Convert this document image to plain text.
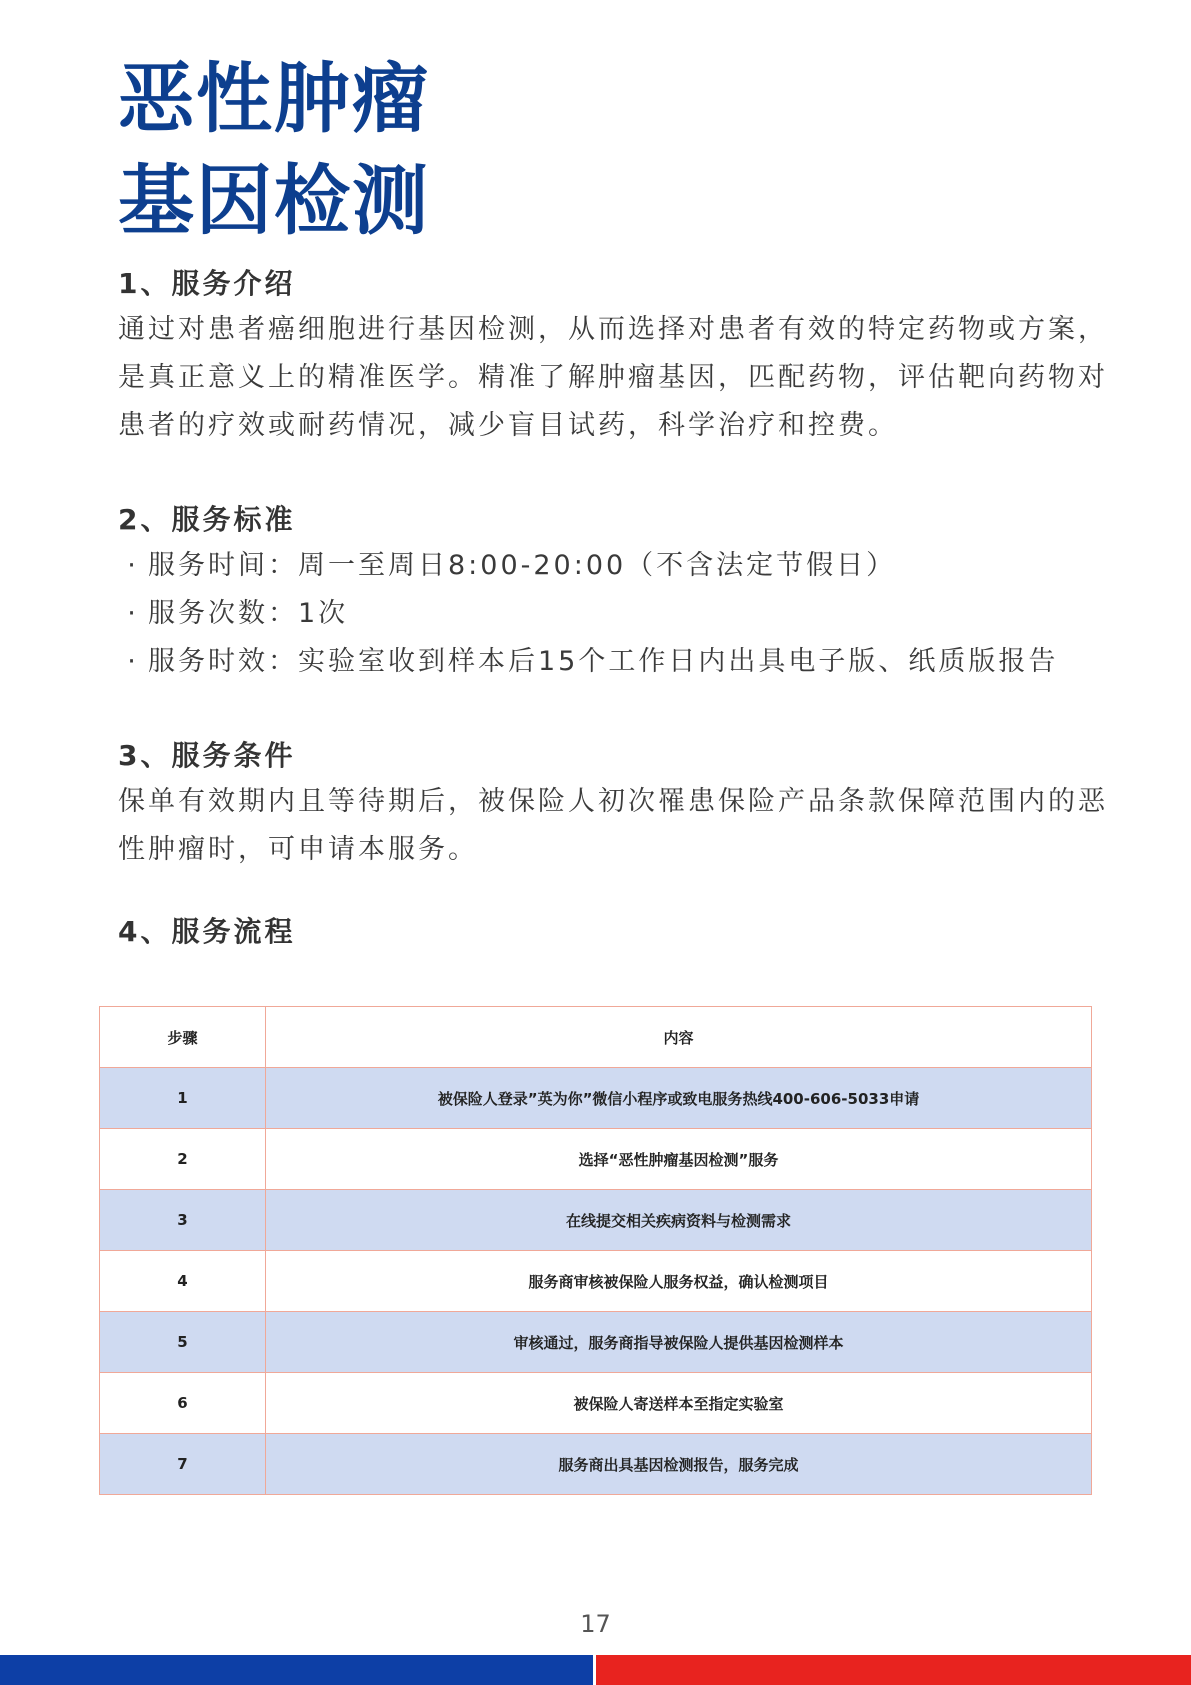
恶性肿瘤
基因检测

1、服务介绍

通过对患者癌细胞进行基因检测，从而选择对患者有效的特定药物或方案，是真正意义上的精准医学。精准了解肿瘤基因，匹配药物，评估靶向药物对患者的疗效或耐药情况，减少盲目试药，科学治疗和控费。

2、服务标准

· 服务时间：周一至周日8:00-20:00（不含法定节假日）

· 服务次数：1次

· 服务时效：实验室收到样本后15个工作日内出具电子版、纸质版报告

3、服务条件

保单有效期内且等待期后，被保险人初次罹患保险产品条款保障范围内的恶性肿瘤时，可申请本服务。

4、服务流程

步骤	内容
1	被保险人登录”英为你”微信小程序或致电服务热线400-606-5033申请
2	选择“恶性肿瘤基因检测”服务
3	在线提交相关疾病资料与检测需求
4	服务商审核被保险人服务权益，确认检测项目
5	审核通过，服务商指导被保险人提供基因检测样本
6	被保险人寄送样本至指定实验室
7	服务商出具基因检测报告，服务完成
17
